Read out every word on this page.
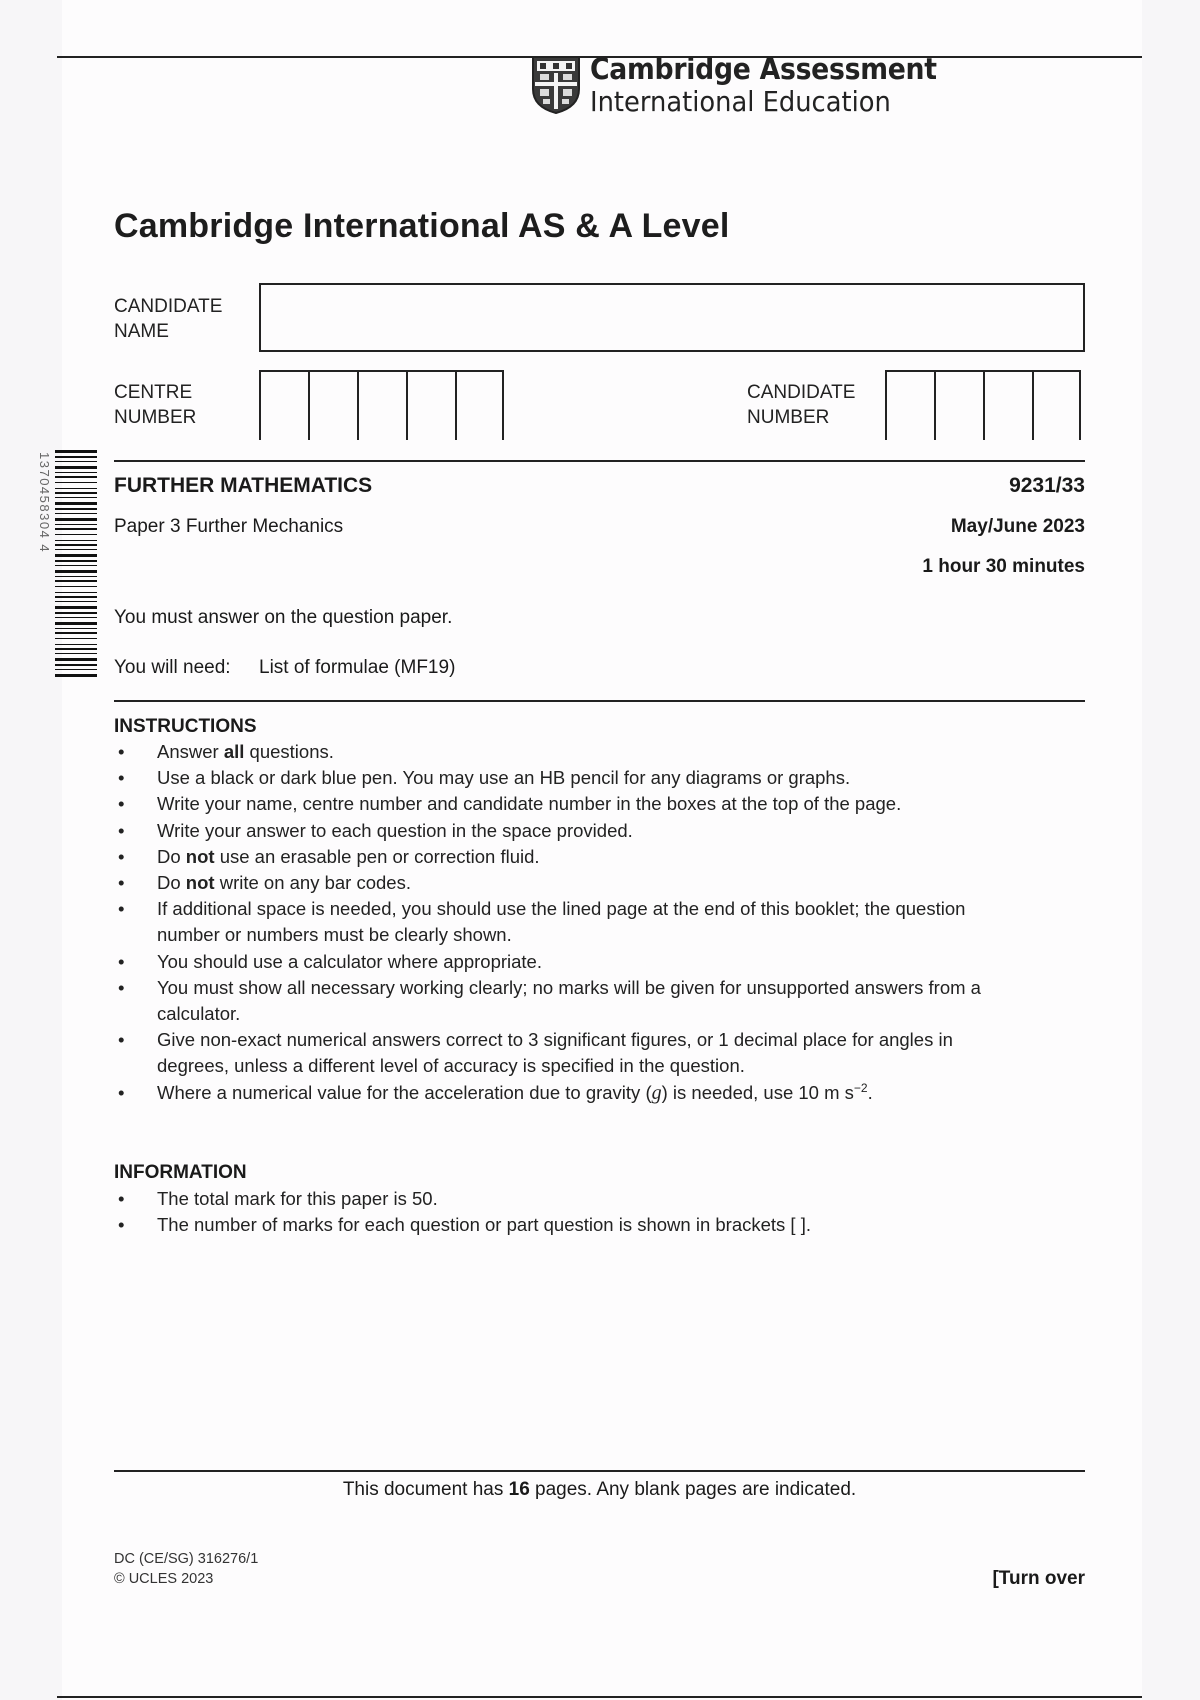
Cambridge Assessment
International Education
Cambridge International AS & A Level
CANDIDATE
NAME
CENTRE
NUMBER
CANDIDATE
NUMBER
1370458304 4	FURTHER MATHEMATICS	9231/33
Paper 3 Further Mechanics	May/June 2023
1 hour 30 minutes
You must answer on the question paper.
You will need: List of formulae (MF19)
INSTRUCTIONS
• Answer all questions.
• Use a black or dark blue pen. You may use an HB pencil for any diagrams or graphs.
• Write your name, centre number and candidate number in the boxes at the top of the page.
• Write your answer to each question in the space provided.
• Do not use an erasable pen or correction fluid.
• Do not write on any bar codes.
• If additional space is needed, you should use the lined page at the end of this booklet; the question number or numbers must be clearly shown.
• You should use a calculator where appropriate.
• You must show all necessary working clearly; no marks will be given for unsupported answers from a calculator.
• Give non-exact numerical answers correct to 3 significant figures, or 1 decimal place for angles in degrees, unless a different level of accuracy is specified in the question.
• Where a numerical value for the acceleration due to gravity (g) is needed, use 10 m $s^{-2}$.
INFORMATION
• The total mark for this paper is 50.
• The number of marks for each question or part question is shown in brackets [ ].
This document has 16 pages. Any blank pages are indicated.
DC (CE/SG) 316276/1
© UCLES 2023	[Turn over
